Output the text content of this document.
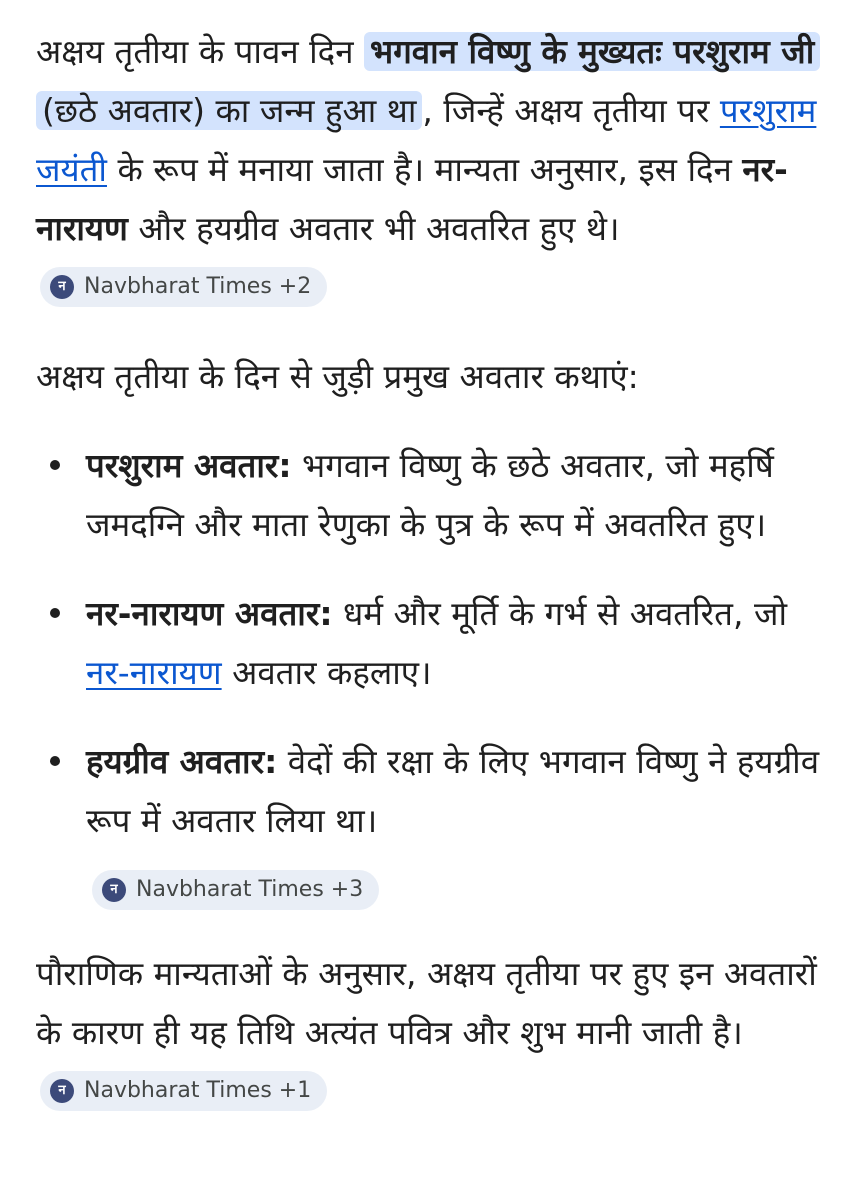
अक्षय तृतीया के पावन दिन भगवान विष्णु के मुख्यतः परशुराम जी (छठे अवतार) का जन्म हुआ था , जिन्हें अक्षय तृतीया पर परशुराम जयंती के रूप में मनाया जाता है। मान्यता अनुसार, इस दिन नर-नारायण और हयग्रीव अवतार भी अवतरित हुए थे।
न Navbharat Times +2

अक्षय तृतीया के दिन से जुड़ी प्रमुख अवतार कथाएं:

परशुराम अवतार: भगवान विष्णु के छठे अवतार, जो महर्षि जमदग्नि और माता रेणुका के पुत्र के रूप में अवतरित हुए।
नर-नारायण अवतार: धर्म और मूर्ति के गर्भ से अवतरित, जो नर-नारायण अवतार कहलाए।
हयग्रीव अवतार: वेदों की रक्षा के लिए भगवान विष्णु ने हयग्रीव रूप में अवतार लिया था।
न Navbharat Times +3

पौराणिक मान्यताओं के अनुसार, अक्षय तृतीया पर हुए इन अवतारों के कारण ही यह तिथि अत्यंत पवित्र और शुभ मानी जाती है।
न Navbharat Times +1
